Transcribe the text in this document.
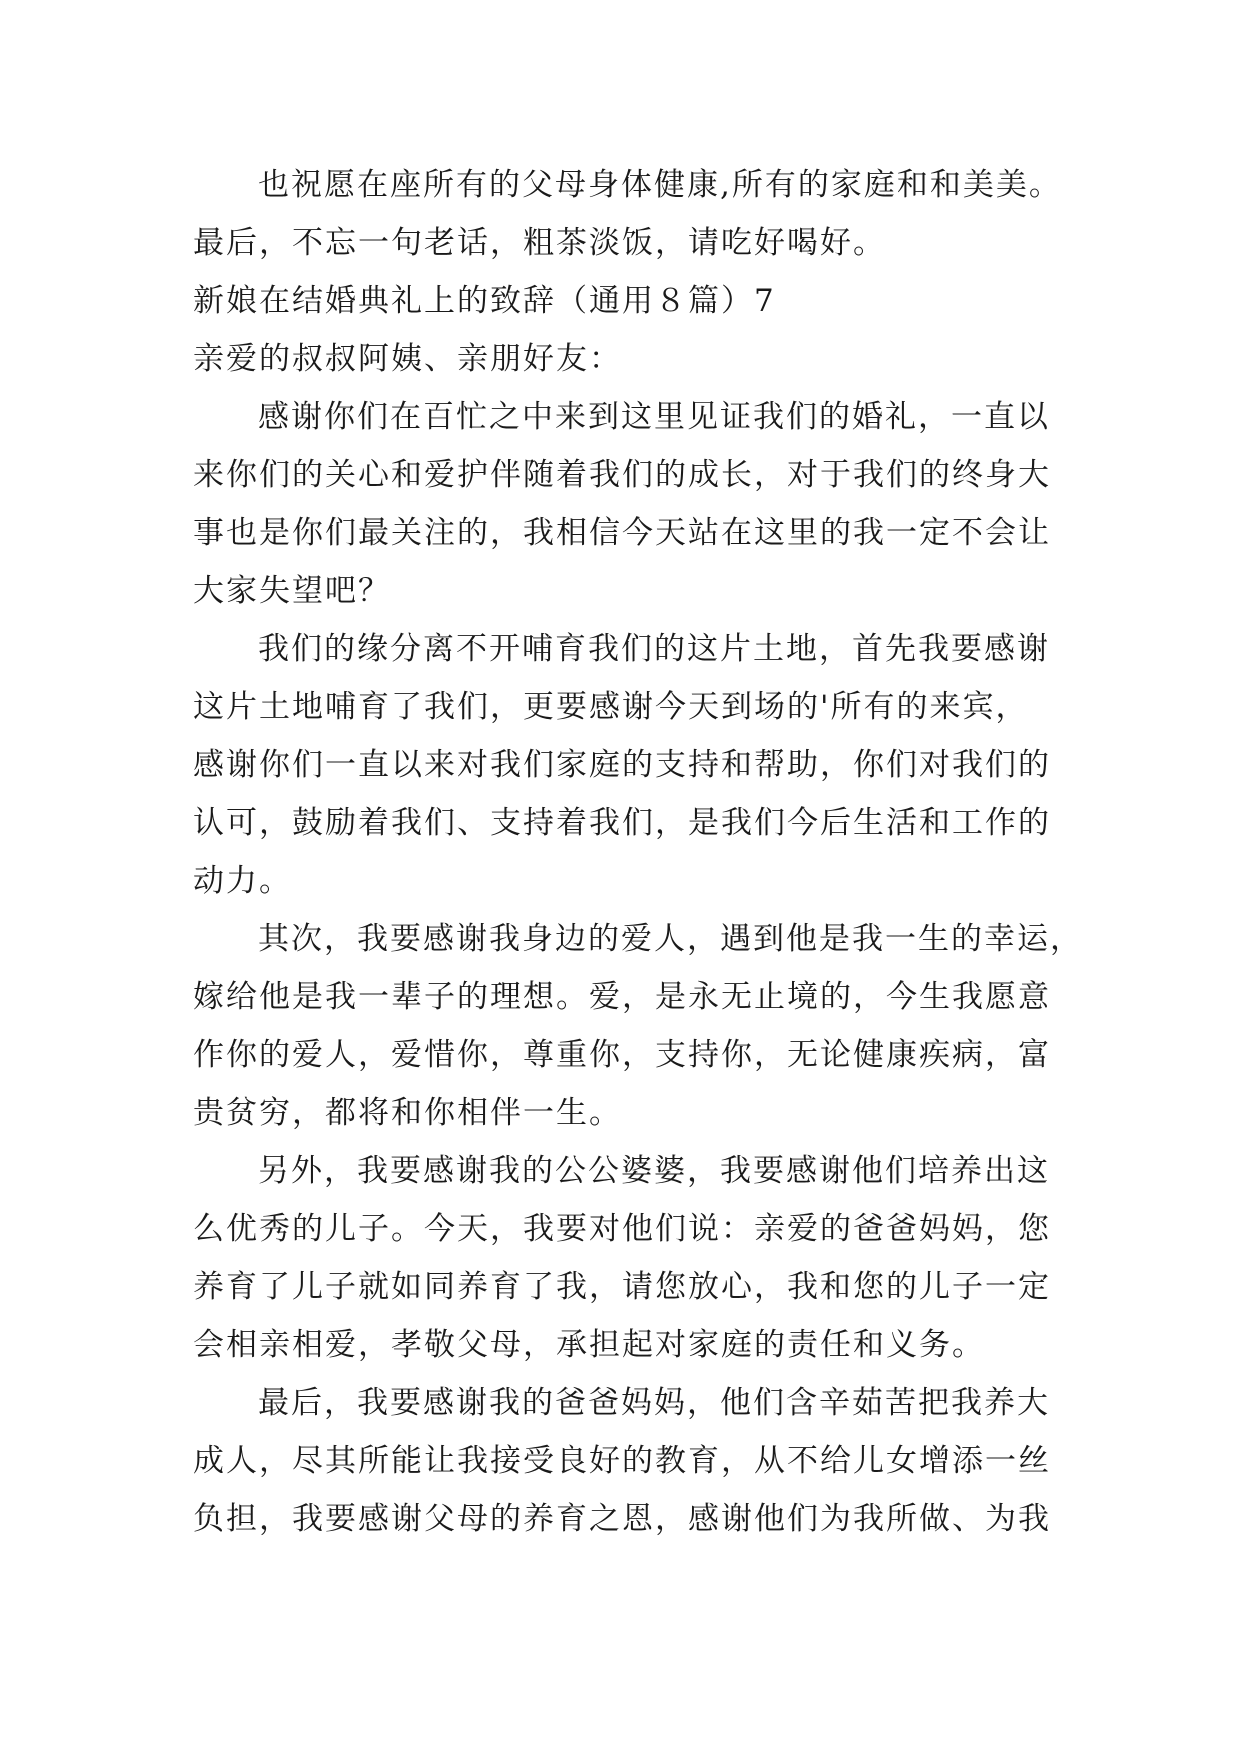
也祝愿在座所有的父母身体健康,所有的家庭和和美美。
最后，不忘一句老话，粗茶淡饭，请吃好喝好。
新娘在结婚典礼上的致辞（通用８篇）7
亲爱的叔叔阿姨、亲朋好友：
感谢你们在百忙之中来到这里见证我们的婚礼，一直以
来你们的关心和爱护伴随着我们的成长，对于我们的终身大
事也是你们最关注的，我相信今天站在这里的我一定不会让
大家失望吧？
我们的缘分离不开哺育我们的这片土地，首先我要感谢
这片土地哺育了我们，更要感谢今天到场的'所有的来宾，
感谢你们一直以来对我们家庭的支持和帮助，你们对我们的
认可，鼓励着我们、支持着我们，是我们今后生活和工作的
动力。
其次，我要感谢我身边的爱人，遇到他是我一生的幸运，
嫁给他是我一辈子的理想。爱，是永无止境的，今生我愿意
作你的爱人，爱惜你，尊重你，支持你，无论健康疾病，富
贵贫穷，都将和你相伴一生。
另外，我要感谢我的公公婆婆，我要感谢他们培养出这
么优秀的儿子。今天，我要对他们说：亲爱的爸爸妈妈，您
养育了儿子就如同养育了我，请您放心，我和您的儿子一定
会相亲相爱，孝敬父母，承担起对家庭的责任和义务。
最后，我要感谢我的爸爸妈妈，他们含辛茹苦把我养大
成人，尽其所能让我接受良好的教育，从不给儿女增添一丝
负担，我要感谢父母的养育之恩，感谢他们为我所做、为我
